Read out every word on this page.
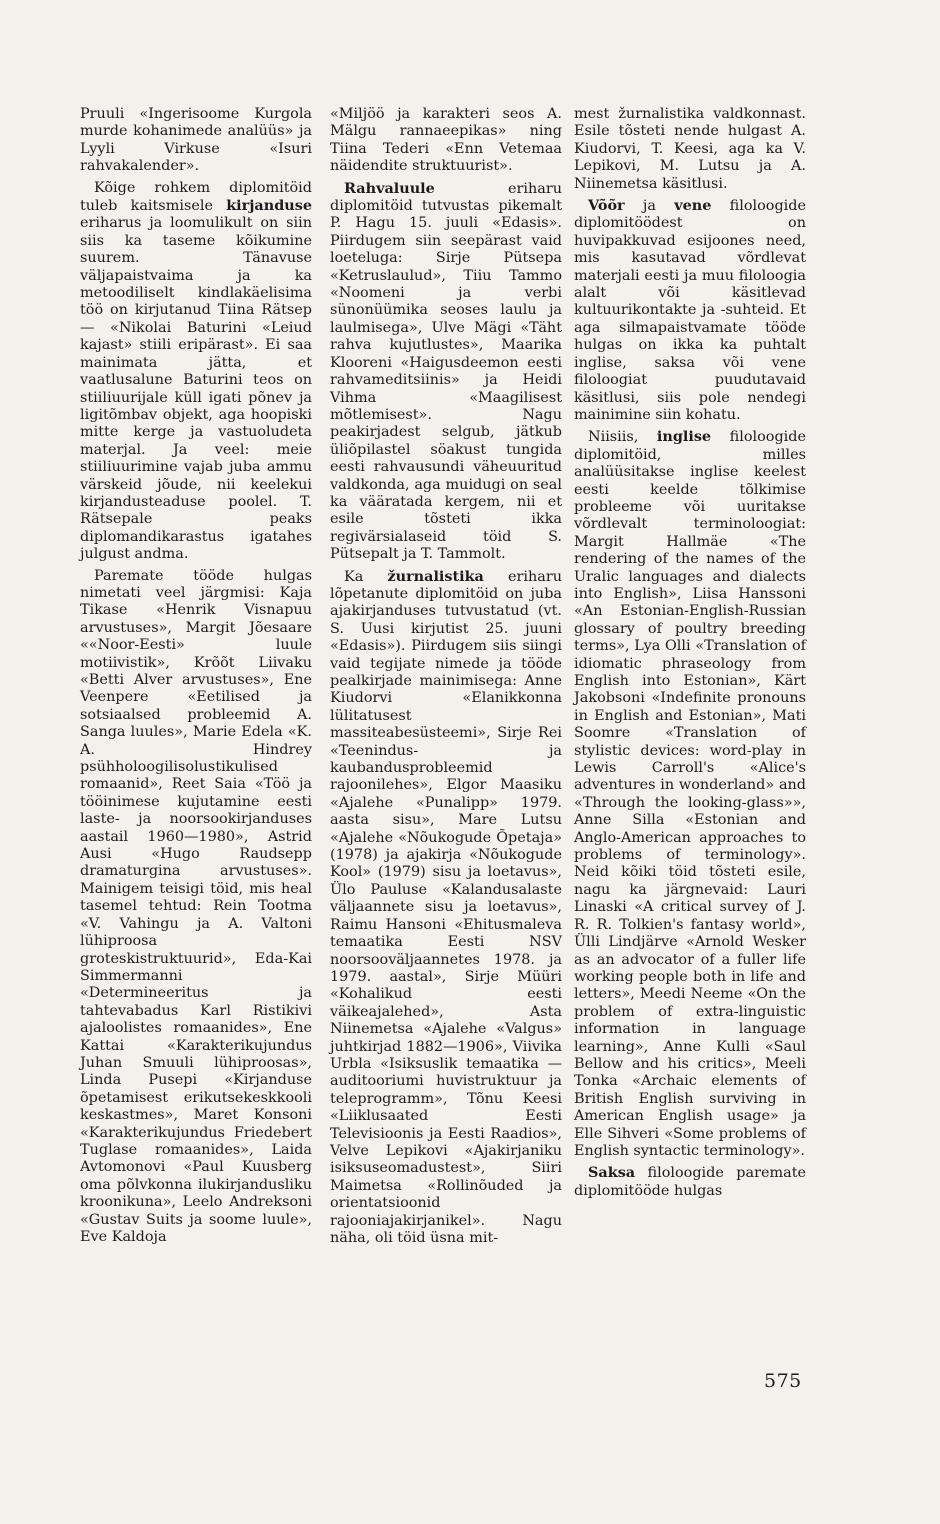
Pruuli «Ingerisoome Kurgola murde kohanimede analüüs» ja Lyyli Virkuse «Isuri rahvakalender».

Kõige rohkem diplomitöid tuleb kaitsmisele kirjanduse eriharus ja loomulikult on siin siis ka taseme kõikumine suurem. Tänavuse väljapaistvaima ja ka metoodiliselt kindlakäelisima töö on kirjutanud Tiina Rätsep — «Nikolai Baturini «Leiud kajast» stiili eripärast». Ei saa mainimata jätta, et vaatlusalune Baturini teos on stiiliuurijale küll igati põnev ja ligitõmbav objekt, aga hoopiski mitte kerge ja vastuoludeta materjal. Ja veel: meie stiiliuurimine vajab juba ammu värskeid jõude, nii keelekui kirjandusteaduse poolel. T. Rätsepale peaks diplomandikarastus igatahes julgust andma.

Paremate tööde hulgas nimetati veel järgmisi: Kaja Tikase «Henrik Visnapuu arvustuses», Margit Jõesaare ««Noor-Eesti» luule motiivistik», Krõõt Liivaku «Betti Alver arvustuses», Ene Veenpere «Eetilised ja sotsiaalsed probleemid A. Sanga luules», Marie Edela «K. A. Hindrey psühholoogilisolustikulised romaanid», Reet Saia «Töö ja tööinimese kujutamine eesti laste- ja noorsookirjanduses aastail 1960—1980», Astrid Ausi «Hugo Raudsepp dramaturgina arvustuses». Mainigem teisigi töid, mis heal tasemel tehtud: Rein Tootma «V. Vahingu ja A. Valtoni lühiproosa groteskistruktuurid», Eda-Kai Simmermanni «Determineeritus ja tahtevabadus Karl Ristikivi ajaloolistes romaanides», Ene Kattai «Karakterikujundus Juhan Smuuli lühiproosas», Linda Pusepi «Kirjanduse õpetamisest erikutsekeskkooli keskastmes», Maret Konsoni «Karakterikujundus Friedebert Tuglase romaanides», Laida Avtomonovi «Paul Kuusberg oma põlvkonna ilukirjandusliku kroonikuna», Leelo Andreksoni «Gustav Suits ja soome luule», Eve Kaldoja

«Miljöö ja karakteri seos A. Mälgu rannaeepikas» ning Tiina Tederi «Enn Vetemaa näidendite struktuurist».

Rahvaluule eriharu diplomitöid tutvustas pikemalt P. Hagu 15. juuli «Edasis». Piirdugem siin seepärast vaid loeteluga: Sirje Pütsepa «Ketruslaulud», Tiiu Tammo «Noomeni ja verbi sünonüümika seoses laulu ja laulmisega», Ulve Mägi «Täht rahva kujutlustes», Maarika Klooreni «Haigusdeemon eesti rahvameditsiinis» ja Heidi Vihma «Maagilisest mõtlemisest». Nagu peakirjadest selgub, jätkub üliõpilastel söakust tungida eesti rahvausundi väheuuritud valdkonda, aga muidugi on seal ka vääratada kergem, nii et esile tõsteti ikka regivärsialaseid töid S. Pütsepalt ja T. Tammolt.

Ka žurnalistika eriharu lõpetanute diplomitöid on juba ajakirjanduses tutvustatud (vt. S. Uusi kirjutist 25. juuni «Edasis»). Piirdugem siis siingi vaid tegijate nimede ja tööde pealkirjade mainimisega: Anne Kiudorvi «Elanikkonna lülitatusest massiteabesüsteemi», Sirje Rei «Teenindus- ja kaubandusprobleemid rajoonilehes», Elgor Maasiku «Ajalehe «Punalipp» 1979. aasta sisu», Mare Lutsu «Ajalehe «Nõukogude Õpetaja» (1978) ja ajakirja «Nõukogude Kool» (1979) sisu ja loetavus», Ülo Pauluse «Kalandusalaste väljaannete sisu ja loetavus», Raimu Hansoni «Ehitusmaleva temaatika Eesti NSV noorsooväljaannetes 1978. ja 1979. aastal», Sirje Müüri «Kohalikud eesti väikeajalehed», Asta Niinemetsa «Ajalehe «Valgus» juhtkirjad 1882—1906», Viivika Urbla «Isiksuslik temaatika — auditooriumi huvistruktuur ja teleprogramm», Tõnu Keesi «Liiklusaated Eesti Televisioonis ja Eesti Raadios», Velve Lepikovi «Ajakirjaniku isiksuseomadustest», Siiri Maimetsa «Rollinõuded ja orientatsioonid rajooniajakirjanikel». Nagu näha, oli töid üsna mit-

mest žurnalistika valdkonnast. Esile tõsteti nende hulgast A. Kiudorvi, T. Keesi, aga ka V. Lepikovi, M. Lutsu ja A. Niinemetsa käsitlusi.

Võõr ja vene filoloogide diplomitöödest on huvipakkuvad esijoones need, mis kasutavad võrdlevat materjali eesti ja muu filoloogia alalt või käsitlevad kultuurikontakte ja -suhteid. Et aga silmapaistvamate tööde hulgas on ikka ka puhtalt inglise, saksa või vene filoloogiat puudutavaid käsitlusi, siis pole nendegi mainimine siin kohatu.

Niisiis, inglise filoloogide diplomitöid, milles analüüsitakse inglise keelest eesti keelde tõlkimise probleeme või uuritakse võrdlevalt terminoloogiat: Margit Hallmäe «The rendering of the names of the Uralic languages and dialects into English», Liisa Hanssoni «An Estonian-English-Russian glossary of poultry breeding terms», Lya Olli «Translation of idiomatic phraseology from English into Estonian», Kärt Jakobsoni «Indefinite pronouns in English and Estonian», Mati Soomre «Translation of stylistic devices: word-play in Lewis Carroll's «Alice's adventures in wonderland» and «Through the looking-glass»», Anne Silla «Estonian and Anglo-American approaches to problems of terminology». Neid kõiki töid tõsteti esile, nagu ka järgnevaid: Lauri Linaski «A critical survey of J. R. R. Tolkien's fantasy world», Ülli Lindjärve «Arnold Wesker as an advocator of a fuller life working people both in life and letters», Meedi Neeme «On the problem of extra-linguistic information in language learning», Anne Kulli «Saul Bellow and his critics», Meeli Tonka «Archaic elements of British English surviving in American English usage» ja Elle Sihveri «Some problems of English syntactic terminology».

Saksa filoloogide paremate diplomitööde hulgas

575
